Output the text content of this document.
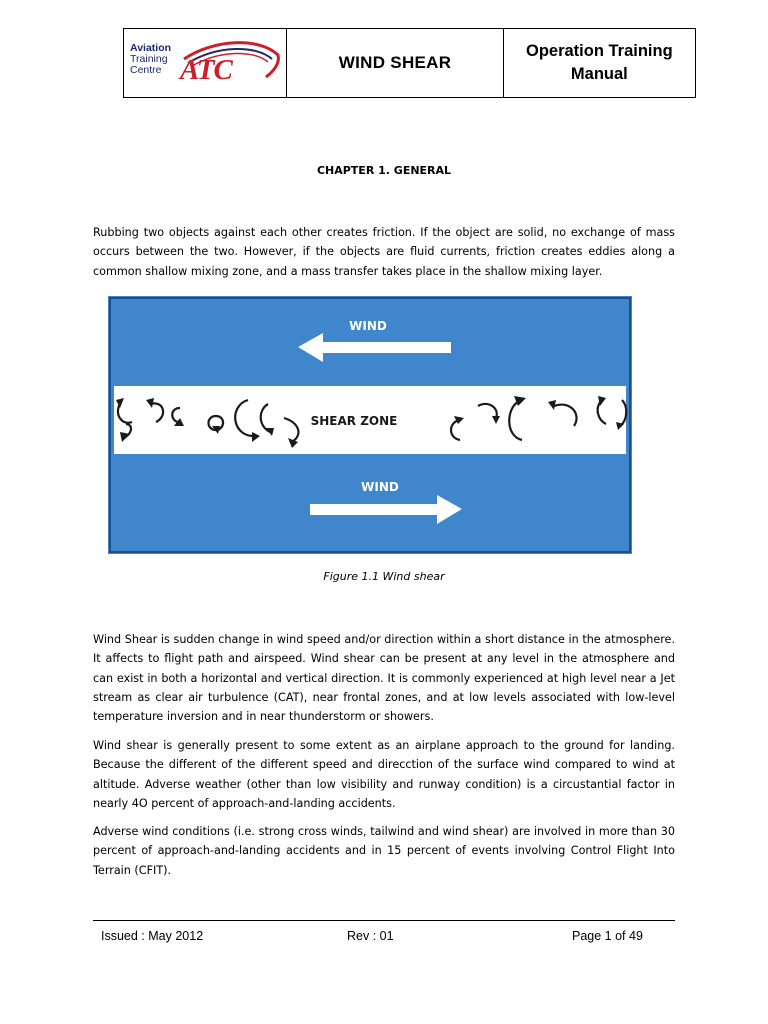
Aviation
Training
Centre ATC	WIND SHEAR
Operation Training
Manual
CHAPTER 1. GENERAL
Rubbing two objects against each other creates friction. If the object are solid, no exchange of mass occurs between the two. However, if the objects are fluid currents, friction creates eddies along a common shallow mixing zone, and a mass transfer takes place in the shallow mixing layer.
WIND
SHEAR ZONE
WIND
Figure 1.1 Wind shear
Wind Shear is sudden change in wind speed and/or direction within a short distance in the atmosphere. It affects to flight path and airspeed. Wind shear can be present at any level in the atmosphere and can exist in both a horizontal and vertical direction. It is commonly experienced at high level near a Jet stream as clear air turbulence (CAT), near frontal zones, and at low levels associated with low-level temperature inversion and in near thunderstorm or showers.
Wind shear is generally present to some extent as an airplane approach to the ground for landing. Because the different of the different speed and direcction of the surface wind compared to wind at altitude. Adverse weather (other than low visibility and runway condition) is a circustantial factor in nearly 4O percent of approach-and-landing accidents.
Adverse wind conditions (i.e. strong cross winds, tailwind and wind shear) are involved in more than 30 percent of approach-and-landing accidents and in 15 percent of events involving Control Flight Into Terrain (CFIT).
Issued : May 2012	Rev : 01	Page 1 of 49
